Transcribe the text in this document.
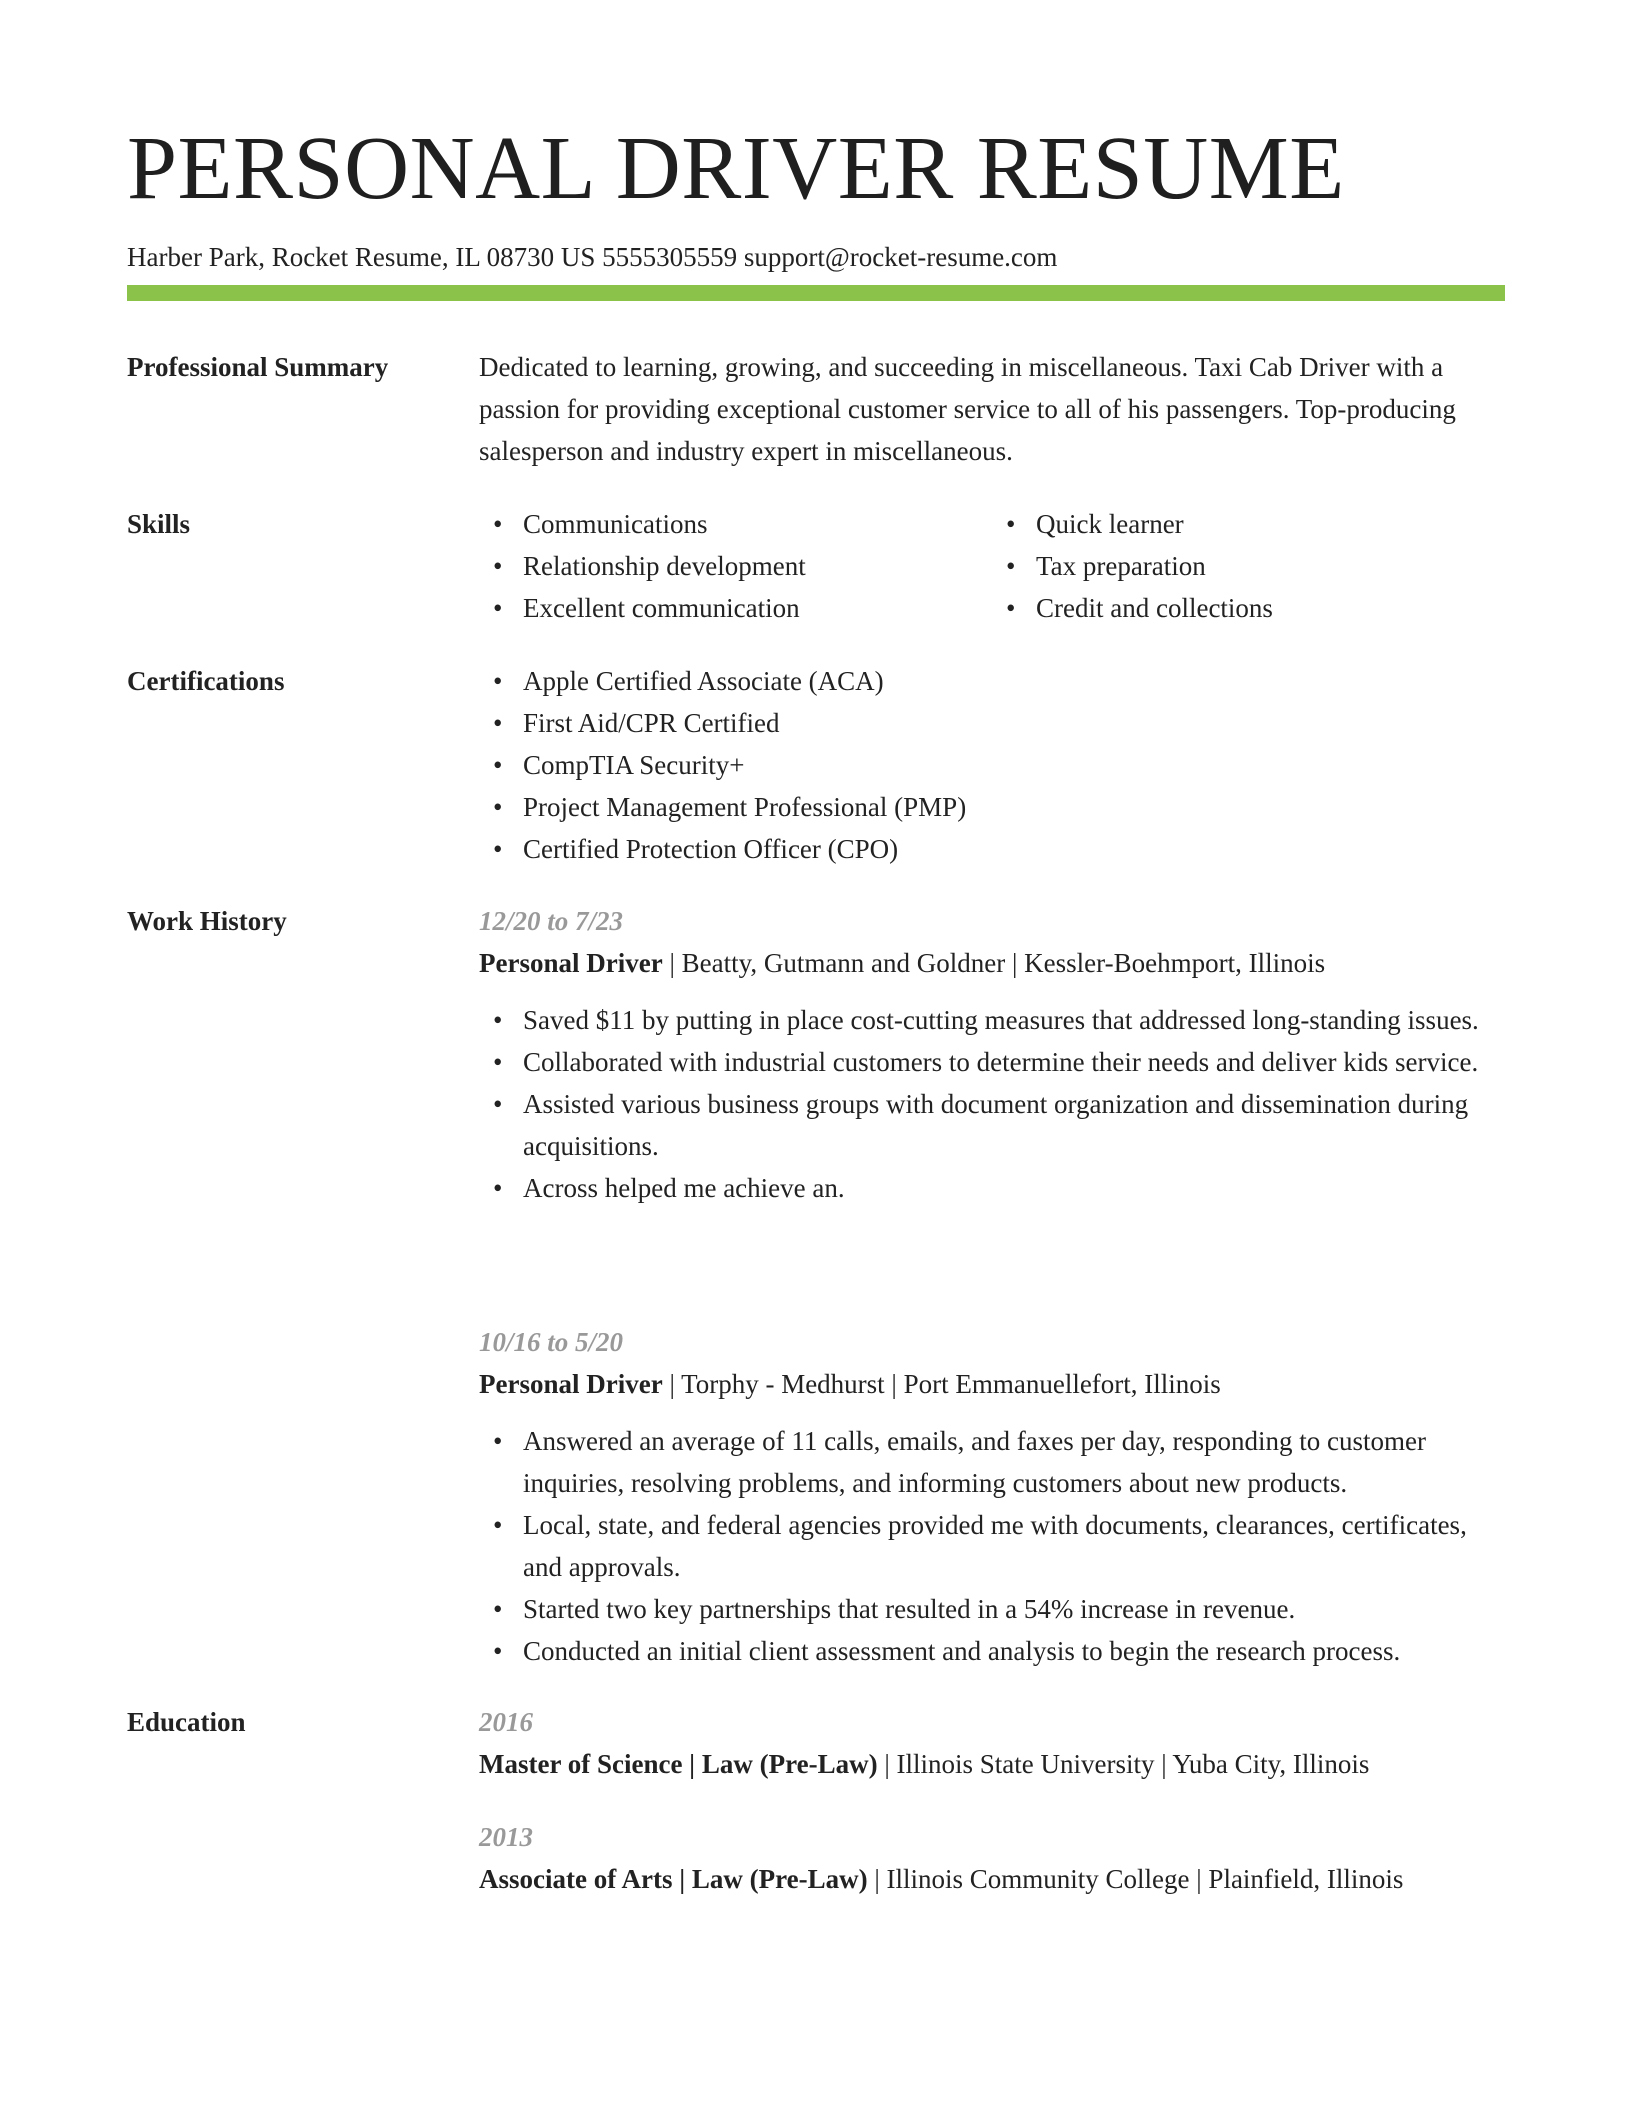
PERSONAL DRIVER RESUME
Harber Park, Rocket Resume, IL 08730 US 5555305559 support@rocket-resume.com
Professional Summary	Dedicated to learning, growing, and succeeding in miscellaneous. Taxi Cab Driver with a passion for providing exceptional customer service to all of his passengers. Top-producing salesperson and industry expert in miscellaneous.
Skills	• Communications
• Relationship development
• Excellent communication
• Quick learner
• Tax preparation
• Credit and collections
Certifications	• Apple Certified Associate (ACA)
• First Aid/CPR Certified
• CompTIA Security+
• Project Management Professional (PMP)
• Certified Protection Officer (CPO)
Work History	12/20 to 7/23
Personal Driver | Beatty, Gutmann and Goldner | Kessler-Boehmport, Illinois
• Saved $11 by putting in place cost-cutting measures that addressed long-standing issues.
• Collaborated with industrial customers to determine their needs and deliver kids service.
• Assisted various business groups with document organization and dissemination during acquisitions.
• Across helped me achieve an.
10/16 to 5/20
Personal Driver | Torphy - Medhurst | Port Emmanuellefort, Illinois
• Answered an average of 11 calls, emails, and faxes per day, responding to customer inquiries, resolving problems, and informing customers about new products.
• Local, state, and federal agencies provided me with documents, clearances, certificates, and approvals.
• Started two key partnerships that resulted in a 54% increase in revenue.
• Conducted an initial client assessment and analysis to begin the research process.
Education	2016
Master of Science | Law (Pre-Law) | Illinois State University | Yuba City, Illinois
2013
Associate of Arts | Law (Pre-Law) | Illinois Community College | Plainfield, Illinois
